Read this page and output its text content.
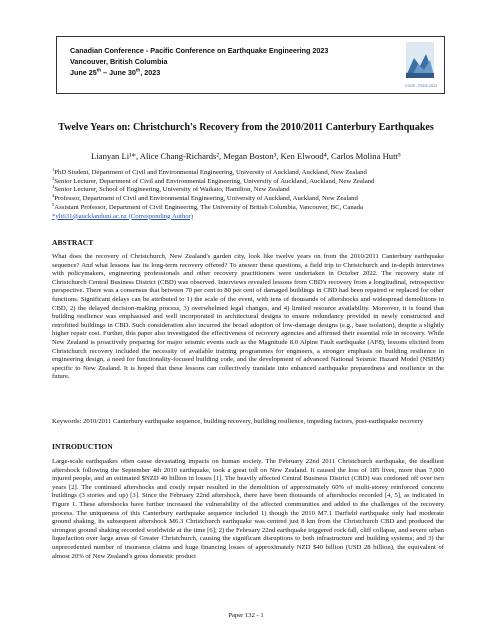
Canadian Conference - Pacific Conference on Earthquake Engineering 2023
Vancouver, British Columbia
June 25th – June 30th, 2023
CCEE - PCEE 2023
Twelve Years on: Christchurch's Recovery from the 2010/2011 Canterbury Earthquakes
Lianyan Li¹*, Alice Chang-Richards², Megan Boston³, Ken Elwood⁴, Carlos Molina Hutt⁵
$^1$PhD Student, Department of Civil and Environmental Engineering, University of Auckland, Auckland, New Zealand
$^2$Senior Lecturer, Department of Civil and Environmental Engineering, University of Auckland, Auckland, New Zealand
$^3$Senior Lecturer, School of Engineering, University of Waikato, Hamilton, New Zealand
$^4$Professor, Department of Civil and Environmental Engineering, University of Auckland, Auckland, New Zealand
$^5$Assistant Professor, Department of Civil Engineering, The University of British Columbia, Vancouver, BC, Canada
*yli631@aucklanduni.ac.nz (Corresponding Author)
ABSTRACT
What does the recovery of Christchurch, New Zealand's garden city, look like twelve years on from the 2010/2011 Canterbury earthquake sequence? And what lessons has its long-term recovery offered? To answer these questions, a field trip to Christchurch and in-depth interviews with policymakers, engineering professionals and other recovery practitioners were undertaken in October 2022. The recovery state of Christchurch Central Business District (CBD) was observed. Interviews revealed lessons from CBD's recovery from a longitudinal, retrospective perspective. There was a consensus that between 70 per cent to 80 per cent of damaged buildings in CBD had been repaired or replaced for other functions. Significant delays can be attributed to 1) the scale of the event, with tens of thousands of aftershocks and widespread demolitions in CBD, 2) the delayed decision-making process, 3) overwhelmed legal changes, and 4) limited resource availability. Moreover, it is found that building resilience was emphasised and well incorporated in architectural designs to ensure redundancy provided in newly constructed and retrofitted buildings in CBD. Such consideration also incurred the broad adoption of low-damage designs (e.g., base isolation), despite a slightly higher repair cost. Further, this paper also investigated the effectiveness of recovery agencies and affirmed their essential role in recovery. While New Zealand is proactively preparing for major seismic events such as the Magnitude 8.0 Alpine Fault earthquake (AF8), lessons elicited from Christchurch recovery included the necessity of available training programmes for engineers, a stronger emphasis on building resilience in engineering design, a need for functionality-focused building code, and the development of advanced National Seismic Hazard Model (NSHM) specific to New Zealand. It is hoped that these lessons can collectively translate into enhanced earthquake preparedness and resilience in the future.
Keywords: 2010/2011 Canterbury earthquake sequence, building recovery, building resilience, impeding factors, post-earthquake recovery
INTRODUCTION
Large-scale earthquakes often cause devastating impacts on human society. The February 22nd 2011 Christchurch earthquake, the deadliest aftershock following the September 4th 2010 earthquake, took a great toll on New Zealand. It caused the loss of 185 lives, more than 7,000 injured people, and an estimated $NZD 40 billion in losses [1]. The heavily affected Central Business District (CBD) was cordoned off over two years [2]. The continued aftershocks and costly repair resulted in the demolition of approximately 60% of multi-storey reinforced concrete buildings (3 stories and up) [3]. Since the February 22nd aftershock, there have been thousands of aftershocks recorded [4, 5], as indicated in Figure 1. These aftershocks have further increased the vulnerability of the affected communities and added to the challenges of the recovery process. The uniqueness of this Canterbury earthquake sequence included 1) though the 2010 M7.1 Darfield earthquake only had moderate ground shaking, its subsequent aftershock M6.3 Christchurch earthquake was centred just 8 km from the Christchurch CBD and produced the strongest ground shaking recorded worldwide at the time [6]; 2) the February 22nd earthquake triggered rock fall, cliff collapse, and severe urban liquefaction over large areas of Greater Christchurch, causing the significant disruptions to both infrastructure and building systems; and 3) the unprecedented number of insurance claims and huge financing losses of approximately NZD $40 billion (USD 28 billion), the equivalent of almost 20% of New Zealand's gross domestic product
Paper 132 - 1
